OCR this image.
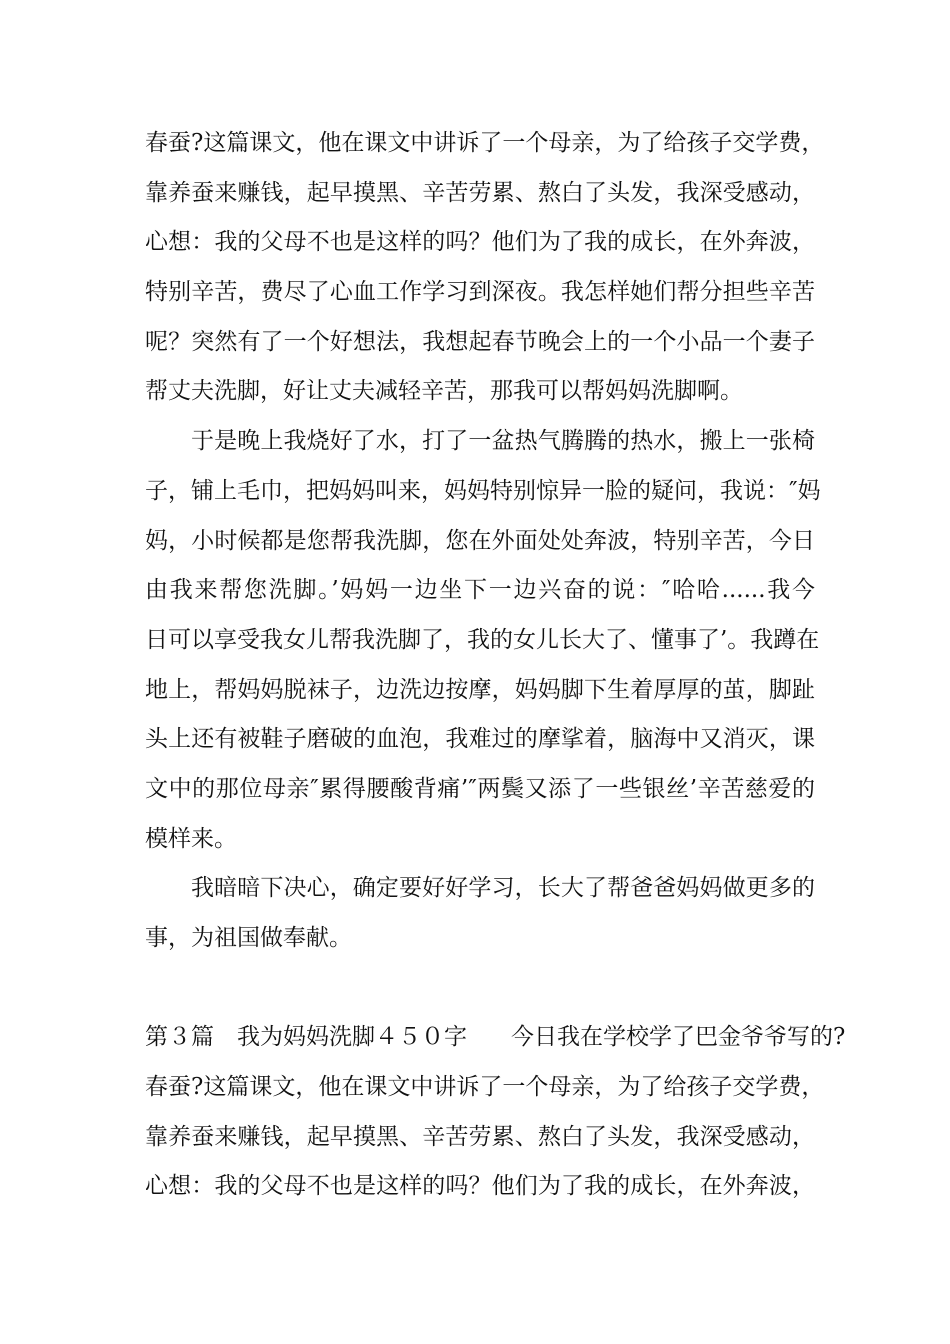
春蚕?这篇课文，他在课文中讲诉了一个母亲，为了给孩子交学费，
靠养蚕来赚钱，起早摸黑、辛苦劳累、熬白了头发，我深受感动，
心想：我的父母不也是这样的吗？他们为了我的成长，在外奔波，
特别辛苦，费尽了心血工作学习到深夜。我怎样她们帮分担些辛苦
呢？突然有了一个好想法，我想起春节晚会上的一个小品一个妻子
帮丈夫洗脚，好让丈夫减轻辛苦，那我可以帮妈妈洗脚啊。
于是晚上我烧好了水，打了一盆热气腾腾的热水，搬上一张椅
子，铺上毛巾，把妈妈叫来，妈妈特别惊异一脸的疑问，我说：″妈
妈，小时候都是您帮我洗脚，您在外面处处奔波，特别辛苦，今日
由我来帮您洗脚。’妈妈一边坐下一边兴奋的说：″哈哈......我今
日可以享受我女儿帮我洗脚了，我的女儿长大了、懂事了’。我蹲在
地上，帮妈妈脱袜子，边洗边按摩，妈妈脚下生着厚厚的茧，脚趾
头上还有被鞋子磨破的血泡，我难过的摩挲着，脑海中又消灭，课
文中的那位母亲″累得腰酸背痛’″两鬓又添了一些银丝’辛苦慈爱的
模样来。
我暗暗下决心，确定要好好学习，长大了帮爸爸妈妈做更多的
事，为祖国做奉献。
第３篇　我为妈妈洗脚４５０字 今日我在学校学了巴金爷爷写的?
春蚕?这篇课文，他在课文中讲诉了一个母亲，为了给孩子交学费，
靠养蚕来赚钱，起早摸黑、辛苦劳累、熬白了头发，我深受感动，
心想：我的父母不也是这样的吗？他们为了我的成长，在外奔波，
